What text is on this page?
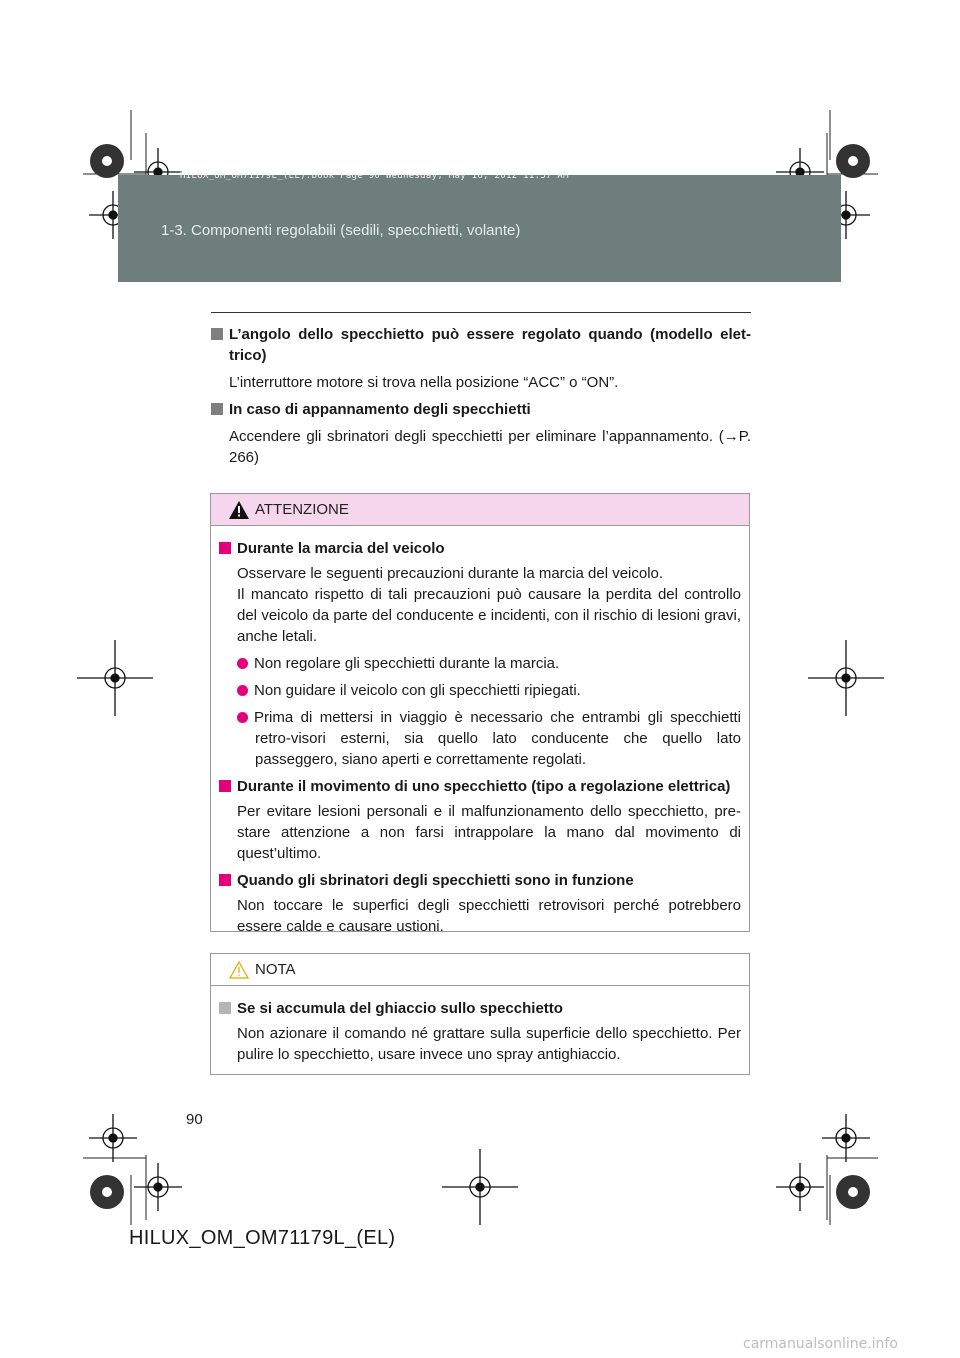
HILUX_OM_OM71179L_(EL).book Page 90 Wednesday, May 16, 2012 11:37 AM
1-3. Componenti regolabili (sedili, specchietti, volante)
L’angolo dello specchietto può essere regolato quando (modello elet-trico)
L’interruttore motore si trova nella posizione “ACC” o “ON”.
In caso di appannamento degli specchietti
Accendere gli sbrinatori degli specchietti per eliminare l’appannamento. (→P. 266)
ATTENZIONE
Durante la marcia del veicolo
Osservare le seguenti precauzioni durante la marcia del veicolo.
Il mancato rispetto di tali precauzioni può causare la perdita del controllo del veicolo da parte del conducente e incidenti, con il rischio di lesioni gravi, anche letali.
Non regolare gli specchietti durante la marcia.
Non guidare il veicolo con gli specchietti ripiegati.
Prima di mettersi in viaggio è necessario che entrambi gli specchietti retro-visori esterni, sia quello lato conducente che quello lato passeggero, siano aperti e correttamente regolati.
Durante il movimento di uno specchietto (tipo a regolazione elettrica)
Per evitare lesioni personali e il malfunzionamento dello specchietto, pre-stare attenzione a non farsi intrappolare la mano dal movimento di quest’ultimo.
Quando gli sbrinatori degli specchietti sono in funzione
Non toccare le superfici degli specchietti retrovisori perché potrebbero essere calde e causare ustioni.
NOTA
Se si accumula del ghiaccio sullo specchietto
Non azionare il comando né grattare sulla superficie dello specchietto. Per pulire lo specchietto, usare invece uno spray antighiaccio.
90
HILUX_OM_OM71179L_(EL)
carmanualsonline.info
